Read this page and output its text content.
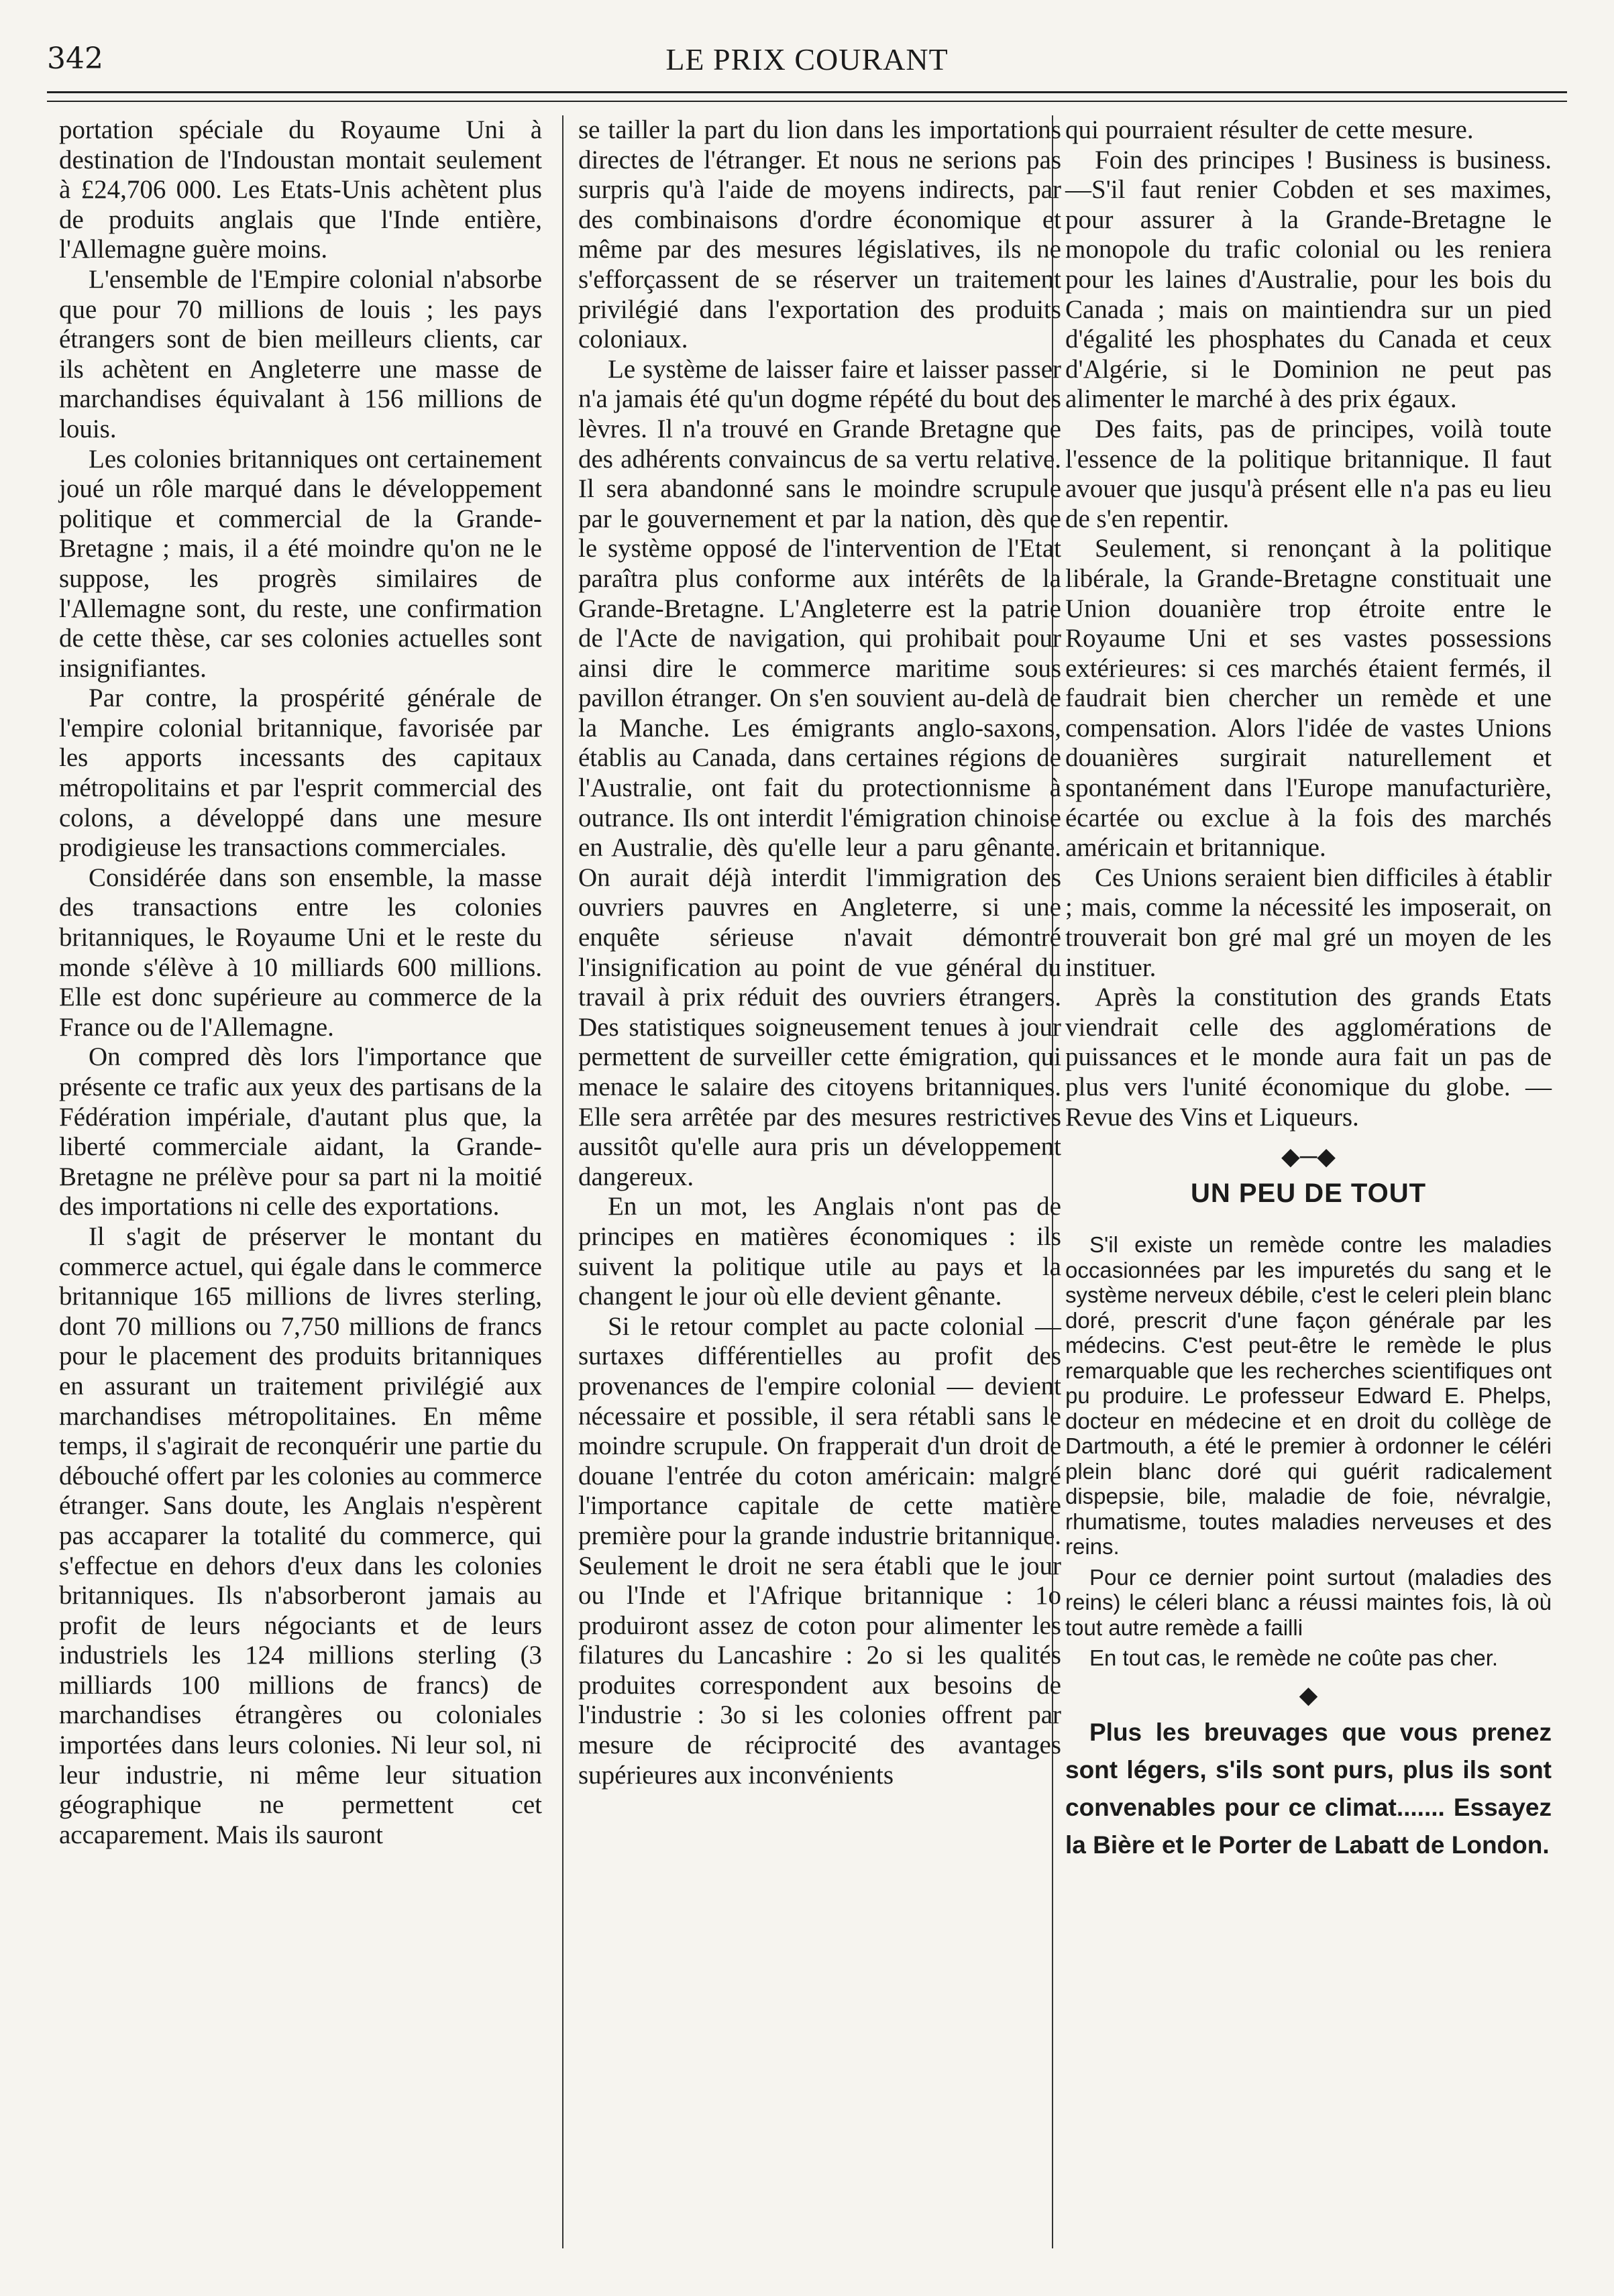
342	LE PRIX COURANT

portation spéciale du Royaume Uni à destination de l'Indoustan montait seulement à £24,706 000. Les Etats-Unis achètent plus de produits anglais que l'Inde entière, l'Allemagne guère moins.

L'ensemble de l'Empire colonial n'absorbe que pour 70 millions de louis ; les pays étrangers sont de bien meilleurs clients, car ils achètent en Angleterre une masse de marchandises équivalant à 156 millions de louis.

Les colonies britanniques ont certainement joué un rôle marqué dans le développement politique et commercial de la Grande-Bretagne ; mais, il a été moindre qu'on ne le suppose, les progrès similaires de l'Allemagne sont, du reste, une confirmation de cette thèse, car ses colonies actuelles sont insignifiantes.

Par contre, la prospérité générale de l'empire colonial britannique, favorisée par les apports incessants des capitaux métropolitains et par l'esprit commercial des colons, a développé dans une mesure prodigieuse les transactions commerciales.

Considérée dans son ensemble, la masse des transactions entre les colonies britanniques, le Royaume Uni et le reste du monde s'élève à 10 milliards 600 millions. Elle est donc supérieure au commerce de la France ou de l'Allemagne.

On compred dès lors l'importance que présente ce trafic aux yeux des partisans de la Fédération impériale, d'autant plus que, la liberté commerciale aidant, la Grande-Bretagne ne prélève pour sa part ni la moitié des importations ni celle des exportations.

Il s'agit de préserver le montant du commerce actuel, qui égale dans le commerce britannique 165 millions de livres sterling, dont 70 millions ou 7,750 millions de francs pour le placement des produits britanniques en assurant un traitement privilégié aux marchandises métropolitaines. En même temps, il s'agirait de reconquérir une partie du débouché offert par les colonies au commerce étranger. Sans doute, les Anglais n'espèrent pas accaparer la totalité du commerce, qui s'effectue en dehors d'eux dans les colonies britanniques. Ils n'absorberont jamais au profit de leurs négociants et de leurs industriels les 124 millions sterling (3 milliards 100 millions de francs) de marchandises étrangères ou coloniales importées dans leurs colonies. Ni leur sol, ni leur industrie, ni même leur situation géographique ne permettent cet accaparement. Mais ils sauront

se tailler la part du lion dans les importations directes de l'étranger. Et nous ne serions pas surpris qu'à l'aide de moyens indirects, par des combinaisons d'ordre économique et même par des mesures législatives, ils ne s'efforçassent de se réserver un traitement privilégié dans l'exportation des produits coloniaux.

Le système de laisser faire et laisser passer n'a jamais été qu'un dogme répété du bout des lèvres. Il n'a trouvé en Grande Bretagne que des adhérents convaincus de sa vertu relative. Il sera abandonné sans le moindre scrupule par le gouvernement et par la nation, dès que le système opposé de l'intervention de l'Etat paraîtra plus conforme aux intérêts de la Grande-Bretagne. L'Angleterre est la patrie de l'Acte de navigation, qui prohibait pour ainsi dire le commerce maritime sous pavillon étranger. On s'en souvient au-delà de la Manche. Les émigrants anglo-saxons, établis au Canada, dans certaines régions de l'Australie, ont fait du protectionnisme à outrance. Ils ont interdit l'émigration chinoise en Australie, dès qu'elle leur a paru gênante. On aurait déjà interdit l'immigration des ouvriers pauvres en Angleterre, si une enquête sérieuse n'avait démontré l'insignification au point de vue général du travail à prix réduit des ouvriers étrangers. Des statistiques soigneusement tenues à jour permettent de surveiller cette émigration, qui menace le salaire des citoyens britanniques. Elle sera arrêtée par des mesures restrictives aussitôt qu'elle aura pris un développement dangereux.

En un mot, les Anglais n'ont pas de principes en matières économiques : ils suivent la politique utile au pays et la changent le jour où elle devient gênante.

Si le retour complet au pacte colonial — surtaxes différentielles au profit des provenances de l'empire colonial — devient nécessaire et possible, il sera rétabli sans le moindre scrupule. On frapperait d'un droit de douane l'entrée du coton américain: malgré l'importance capitale de cette matière première pour la grande industrie britannique. Seulement le droit ne sera établi que le jour ou l'Inde et l'Afrique britannique : 1o produiront assez de coton pour alimenter les filatures du Lancashire : 2o si les qualités produites correspondent aux besoins de l'industrie : 3o si les colonies offrent par mesure de réciprocité des avantages supérieures aux inconvénients

qui pourraient résulter de cette mesure.

Foin des principes ! Business is business.—S'il faut renier Cobden et ses maximes, pour assurer à la Grande-Bretagne le monopole du trafic colonial ou les reniera pour les laines d'Australie, pour les bois du Canada ; mais on maintiendra sur un pied d'égalité les phosphates du Canada et ceux d'Algérie, si le Dominion ne peut pas alimenter le marché à des prix égaux.

Des faits, pas de principes, voilà toute l'essence de la politique britannique. Il faut avouer que jusqu'à présent elle n'a pas eu lieu de s'en repentir.

Seulement, si renonçant à la politique libérale, la Grande-Bretagne constituait une Union douanière trop étroite entre le Royaume Uni et ses vastes possessions extérieures: si ces marchés étaient fermés, il faudrait bien chercher un remède et une compensation. Alors l'idée de vastes Unions douanières surgirait naturellement et spontanément dans l'Europe manufacturière, écartée ou exclue à la fois des marchés américain et britannique.

Ces Unions seraient bien difficiles à établir ; mais, comme la nécessité les imposerait, on trouverait bon gré mal gré un moyen de les instituer.

Après la constitution des grands Etats viendrait celle des agglomérations de puissances et le monde aura fait un pas de plus vers l'unité économique du globe. — Revue des Vins et Liqueurs.

◆─◆
UN PEU DE TOUT

S'il existe un remède contre les maladies occasionnées par les impuretés du sang et le système nerveux débile, c'est le celeri plein blanc doré, prescrit d'une façon générale par les médecins. C'est peut-être le remède le plus remarquable que les recherches scientifiques ont pu produire. Le professeur Edward E. Phelps, docteur en médecine et en droit du collège de Dartmouth, a été le premier à ordonner le céléri plein blanc doré qui guérit radicalement dispepsie, bile, maladie de foie, névralgie, rhumatisme, toutes maladies nerveuses et des reins.

Pour ce dernier point surtout (maladies des reins) le céleri blanc a réussi maintes fois, là où tout autre remède a failli

En tout cas, le remède ne coûte pas cher.

◆

Plus les breuvages que vous prenez sont légers, s'ils sont purs, plus ils sont convenables pour ce climat....... Essayez la Bière et le Porter de Labatt de London.
